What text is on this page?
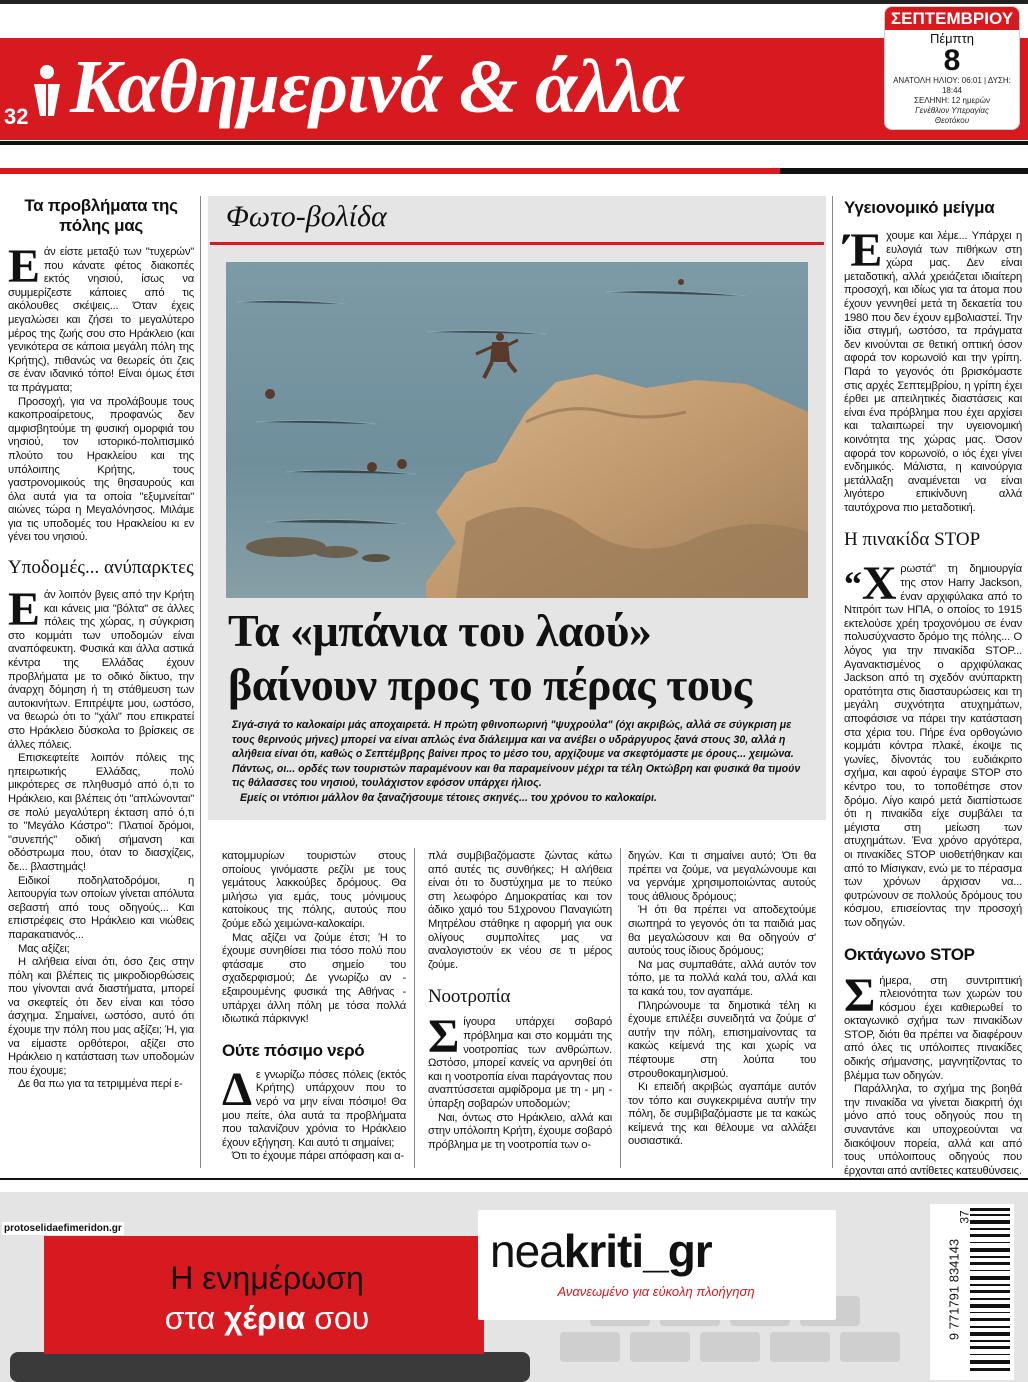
32 Καθημερινά & άλλα
ΣΕΠΤΕΜΒΡΙΟΥ
Πέμπτη
8
ΑΝΑΤΟΛΗ ΗΛΙΟΥ: 06:01 | ΔΥΣΗ: 18:44
ΣΕΛΗΝΗ: 12 ημερών
Γενέθλιον Υπεραγίας
Θεοτόκου
Τα προβλήματα της πόλης μας
Ε άν είστε μεταξύ των "τυχερών" που κάνατε φέτος διακοπές εκτός νησιού, ίσως να συμμερίζεστε κάποιες από τις ακόλουθες σκέψεις... Όταν έχεις μεγαλώσει και ζήσει το μεγαλύτερο μέρος της ζωής σου στο Ηράκλειο (και γενικότερα σε κάποια μεγάλη πόλη της Κρήτης), πιθανώς να θεωρείς ότι ζεις σε έναν ιδανικό τόπο! Είναι όμως έτσι τα πράγματα;

Προσοχή, για να προλάβουμε τους κακοπροαίρετους, προφανώς δεν αμφισβητούμε τη φυσική ομορφιά του νησιού, τον ιστορικό-πολιτισμικό πλούτο του Ηρακλείου και της υπόλοιπης Κρήτης, τους γαστρονομικούς της θησαυρούς και όλα αυτά για τα οποία "εξυμνείται" αιώνες τώρα η Μεγαλόνησος. Μιλάμε για τις υποδομές του Ηρακλείου κι εν γένει του νησιού.

Υποδομές... ανύπαρκτες
Ε άν λοιπόν βγεις από την Κρήτη και κάνεις μια "βόλτα" σε άλλες πόλεις της χώρας, η σύγκριση στο κομμάτι των υποδομών είναι αναπόφευκτη. Φυσικά και άλλα αστικά κέντρα της Ελλάδας έχουν προβλήματα με το οδικό δίκτυο, την άναρχη δόμηση ή τη στάθμευση των αυτοκινήτων. Επιτρέψτε μου, ωστόσο, να θεωρώ ότι το "χάλι" που επικρατεί στο Ηράκλειο δύσκολα το βρίσκεις σε άλλες πόλεις.

Επισκεφτείτε λοιπόν πόλεις της ηπειρωτικής Ελλάδας, πολύ μικρότερες σε πληθυσμό από ό,τι το Ηράκλειο, και βλέπεις ότι "απλώνονται" σε πολύ μεγαλύτερη έκταση από ό,τι το "Μεγάλο Κάστρο": Πλατιοί δρόμοι, "συνεπής" οδική σήμανση και οδόστρωμα που, όταν το διασχίζεις, δε... βλαστημάς!

Ειδικοί ποδηλατοδρόμοι, η λειτουργία των οποίων γίνεται απόλυτα σεβαστή από τους οδηγούς... Και επιστρέφεις στο Ηράκλειο και νιώθεις παρακατιανός...

Μας αξίζει;

Η αλήθεια είναι ότι, όσο ζεις στην πόλη και βλέπεις τις μικροδιορθώσεις που γίνονται ανά διαστήματα, μπορεί να σκεφτείς ότι δεν είναι και τόσο άσχημα. Σημαίνει, ωστόσο, αυτό ότι έχουμε την πόλη που μας αξίζει; Ή, για να είμαστε ορθότεροι, αξίζει στο Ηράκλειο η κατάσταση των υποδομών που έχουμε;

Δε θα πω για τα τετριμμένα περί ε-

Φωτο-βολίδα
Τα «μπάνια του λαού»
βαίνουν προς το πέρας τους
Σιγά-σιγά το καλοκαίρι μάς αποχαιρετά. Η πρώτη φθινοπωρινή "ψυχρούλα" (όχι ακριβώς, αλλά σε σύγκριση με τους θερινούς μήνες) μπορεί να είναι απλώς ένα διάλειμμα και να ανέβει ο υδράργυρος ξανά στους 30, αλλά η αλήθεια είναι ότι, καθώς ο Σεπτέμβρης βαίνει προς το μέσο του, αρχίζουμε να σκεφτόμαστε με όρους... χειμώνα. Πάντως, οι... ορδές των τουριστών παραμένουν και θα παραμείνουν μέχρι τα τέλη Οκτώβρη και φυσικά θα τιμούν τις θάλασσες του νησιού, τουλάχιστον εφόσον υπάρχει ήλιος.
Εμείς οι ντόπιοι μάλλον θα ξαναζήσουμε τέτοιες σκηνές... του χρόνου το καλοκαίρι.
κατομμυρίων τουριστών στους οποίους γινόμαστε ρεζίλι με τους γεμάτους λακκούβες δρόμους. Θα μιλήσω για εμάς, τους μόνιμους κατοίκους της πόλης, αυτούς που ζούμε εδώ χειμώνα-καλοκαίρι.

Μας αξίζει να ζούμε έτσι; Ή το έχουμε συνηθίσει πια τόσο πολύ που φτάσαμε στο σημείο του σχαδερφισμού; Δε γνωρίζω αν - εξαιρουμένης φυσικά της Αθήνας - υπάρχει άλλη πόλη με τόσα πολλά ιδιωτικά πάρκινγκ!

Ούτε πόσιμο νερό
Δ ε γνωρίζω πόσες πόλεις (εκτός Κρήτης) υπάρχουν που το νερό να μην είναι πόσιμο! Θα μου πείτε, όλα αυτά τα προβλήματα που ταλανίζουν χρόνια το Ηράκλειο έχουν εξήγηση. Και αυτό τι σημαίνει;

Ότι το έχουμε πάρει απόφαση και α-

πλά συμβιβαζόμαστε ζώντας κάτω από αυτές τις συνθήκες; Η αλήθεια είναι ότι το δυστύχημα με το πεύκο στη λεωφόρο Δημοκρατίας και τον άδικο χαμό του 51χρονου Παναγιώτη Μητρέλου στάθηκε η αφορμή για ουκ ολίγους συμπολίτες μας να αναλογιστούν εκ νέου σε τι μέρος ζούμε.
Νοοτροπία
Σ ίγουρα υπάρχει σοβαρό πρόβλημα και στο κομμάτι της νοοτροπίας των ανθρώπων. Ωστόσο, μπορεί κανείς να αρνηθεί ότι και η νοοτροπία είναι παράγοντας που αναπτύσσεται αμφίδρομα με τη - μη - ύπαρξη σοβαρών υποδομών;

Ναι, όντως στο Ηράκλειο, αλλά και στην υπόλοιπη Κρήτη, έχουμε σοβαρό πρόβλημα με τη νοοτροπία των ο-

δηγών. Και τι σημαίνει αυτό; Ότι θα πρέπει να ζούμε, να μεγαλώνουμε και να γερνάμε χρησιμοποιώντας αυτούς τους άθλιους δρόμους;

Ή ότι θα πρέπει να αποδεχτούμε σιωπηρά το γεγονός ότι τα παιδιά μας θα μεγαλώσουν και θα οδηγούν σ' αυτούς τους ίδιους δρόμους;

Να μας συμπαθάτε, αλλά αυτόν τον τόπο, με τα πολλά καλά του, αλλά και τα κακά του, τον αγαπάμε.

Πληρώνουμε τα δημοτικά τέλη κι έχουμε επιλέξει συνειδητά να ζούμε σ' αυτήν την πόλη, επισημαίνοντας τα κακώς κείμενά της και χωρίς να πέφτουμε στη λούπα του στρουθοκαμηλισμού.

Κι επειδή ακριβώς αγαπάμε αυτόν τον τόπο και συγκεκριμένα αυτήν την πόλη, δε συμβιβαζόμαστε με τα κακώς κείμενά της και θέλουμε να αλλάξει ουσιαστικά.

Υγειονομικό μείγμα
Έ χουμε και λέμε... Υπάρχει η ευλογιά των πιθήκων στη χώρα μας. Δεν είναι μεταδοτική, αλλά χρειάζεται ιδιαίτερη προσοχή, και ιδίως για τα άτομα που έχουν γεννηθεί μετά τη δεκαετία του 1980 που δεν έχουν εμβολιαστεί. Την ίδια στιγμή, ωστόσο, τα πράγματα δεν κινούνται σε θετική οπτική όσον αφορά τον κορωνοϊό και την γρίπη. Παρά το γεγονός ότι βρισκόμαστε στις αρχές Σεπτεμβρίου, η γρίπη έχει έρθει με απειλητικές διαστάσεις και είναι ένα πρόβλημα που έχει αρχίσει και ταλαιπωρεί την υγειονομική κοινότητα της χώρας μας. Όσον αφορά τον κορωνοϊό, ο ιός έχει γίνει ενδημικός. Μάλιστα, η καινούργια μετάλλαξη αναμένεται να είναι λιγότερο επικίνδυνη αλλά ταυτόχρονα πιο μεταδοτική.
Η πινακίδα STOP
“ Χ ρωστά" τη δημιουργία της στον Harry Jackson, έναν αρχιφύλακα από το Ντιτρόιτ των ΗΠΑ, ο οποίος το 1915 εκτελούσε χρέη τροχονόμου σε έναν πολυσύχναστο δρόμο της πόλης... Ο λόγος για την πινακίδα STOP... Αγανακτισμένος ο αρχιφύλακας Jackson από τη σχεδόν ανύπαρκτη ορατότητα στις διασταυρώσεις και τη μεγάλη συχνότητα ατυχημάτων, αποφάσισε να πάρει την κατάσταση στα χέρια του. Πήρε ένα ορθογώνιο κομμάτι κόντρα πλακέ, έκοψε τις γωνίες, δίνοντάς του ευδιάκριτο σχήμα, και αφού έγραψε STOP στο κέντρο του, το τοποθέτησε στον δρόμο. Λίγο καιρό μετά διαπίστωσε ότι η πινακίδα είχε συμβάλει τα μέγιστα στη μείωση των ατυχημάτων. Ένα χρόνο αργότερα, οι πινακίδες STOP υιοθετήθηκαν και από το Μίσιγκαν, ενώ με το πέρασμα των χρόνων άρχισαν να... φυτρώνουν σε πολλούς δρόμους του κόσμου, επισείοντας την προσοχή των οδηγών.
Οκτάγωνο STOP
Σ ήμερα, στη συντριπτική πλειονότητα των χωρών του κόσμου έχει καθιερωθεί το οκταγωνικό σχήμα των πινακίδων STOP, διότι θα πρέπει να διαφέρουν από όλες τις υπόλοιπες πινακίδες οδικής σήμανσης, μαγνητίζοντας το βλέμμα των οδηγών.

Παράλληλα, το σχήμα της βοηθά την πινακίδα να γίνεται διακριτή όχι μόνο από τους οδηγούς που τη συναντάνε και υποχρεούνται να διακόψουν πορεία, αλλά και από τους υπόλοιπους οδηγούς που έρχονται από αντίθετες κατευθύνσεις.

protoselidaefimeridon.gr
Η ενημέρωση
στα χέρια σου
neakriti_gr
Ανανεωμένο για εύκολη πλοήγηση	9 771791 834143
37
